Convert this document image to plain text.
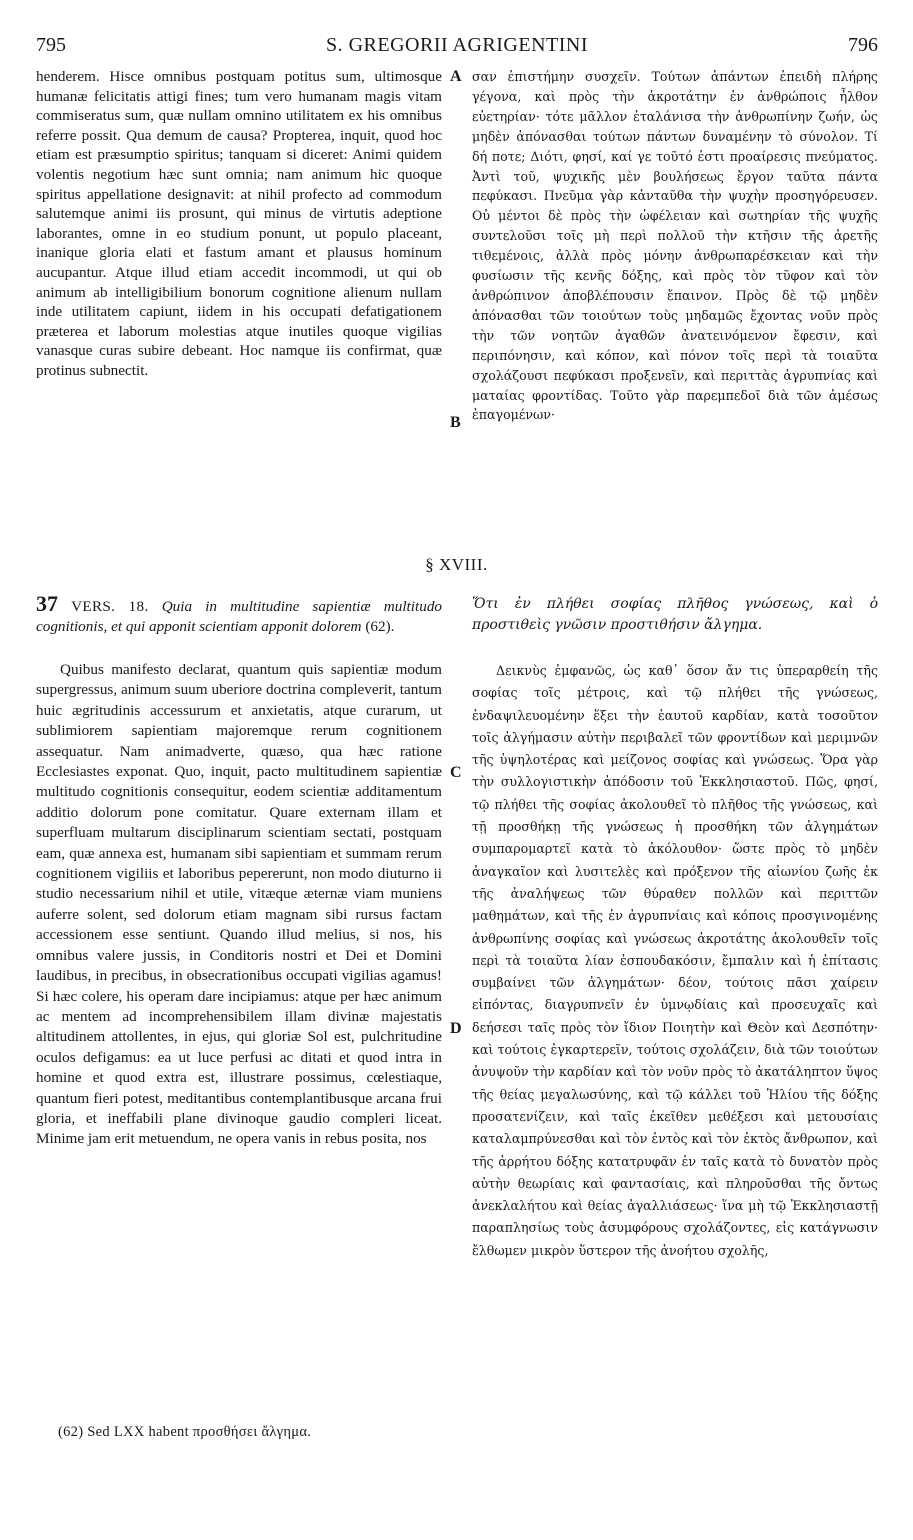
795	S. GREGORII AGRIGENTINI	796

henderem. Hisce omnibus postquam potitus sum, ultimosque humanæ felicitatis attigi fines; tum vero humanam magis vitam commiseratus sum, quæ nullam omnino utilitatem ex his omnibus referre possit. Qua demum de causa? Propterea, inquit, quod hoc etiam est præsumptio spiritus; tanquam si diceret: Animi quidem volentis negotium hæc sunt omnia; nam animum hic quoque spiritus appellatione designavit: at nihil profecto ad commodum salutemque animi iis prosunt, qui minus de virtutis adeptione laborantes, omne in eo studium ponunt, ut populo placeant, inanique gloria elati et fastum amant et plausus hominum aucupantur. Atque illud etiam accedit incommodi, ut qui ob animum ab intelligibilium bonorum cognitione alienum nullam inde utilitatem capiunt, iidem in his occupati defatigationem præterea et laborum molestias atque inutiles quoque vigilias vanasque curas subire debeant. Hoc namque iis confirmat, quæ protinus subnectit.

σαν ἐπιστήμην συσχεῖν. Τούτων ἁπάντων ἐπειδὴ πλήρης γέγονα, καὶ πρὸς τὴν ἀκροτάτην ἐν ἀνθρώποις ἦλθον εὐετηρίαν· τότε μᾶλλον ἐταλάνισα τὴν ἀνθρωπίνην ζωήν, ὡς μηδὲν ἀπόνασθαι τούτων πάντων δυναμένην τὸ σύνολον. Τί δή ποτε; Διότι, φησί, καί γε τοῦτό ἐστι προαίρεσις πνεύματος. Ἀντὶ τοῦ, ψυχικῆς μὲν βουλήσεως ἔργον ταῦτα πάντα πεφύκασι. Πνεῦμα γὰρ κἀνταῦθα τὴν ψυχὴν προσηγόρευσεν. Οὐ μέντοι δὲ πρὸς τὴν ὠφέλειαν καὶ σωτηρίαν τῆς ψυχῆς συντελοῦσι τοῖς μὴ περὶ πολλοῦ τὴν κτῆσιν τῆς ἀρετῆς τιθεμένοις, ἀλλὰ πρὸς μόνην ἀνθρωπαρέσκειαν καὶ τὴν φυσίωσιν τῆς κενῆς δόξης, καὶ πρὸς τὸν τῦφον καὶ τὸν ἀνθρώπινον ἀποβλέπουσιν ἔπαινον. Πρὸς δὲ τῷ μηδὲν ἀπόνασθαι τῶν τοιούτων τοὺς μηδαμῶς ἔχοντας νοῦν πρὸς τὴν τῶν νοητῶν ἀγαθῶν ἀνατεινόμενον ἔφεσιν, καὶ περιπόνησιν, καὶ κόπον, καὶ πόνον τοῖς περὶ τὰ τοιαῦτα σχολάζουσι πεφύκασι προξενεῖν, καὶ περιττὰς ἀγρυπνίας καὶ ματαίας φροντίδας. Τοῦτο γὰρ παρεμπεδοῖ διὰ τῶν ἀμέσως ἐπαγομένων·

A
B
C
D
§ XVIII.

37 VERS. 18. Quia in multitudine sapientiæ multitudo cognitionis, et qui apponit scientiam apponit dolorem (62).

Ὅτι ἐν πλήθει σοφίας πλῆθος γνώσεως, καὶ ὁ προστιθεὶς γνῶσιν προστιθήσιν ἄλγημα.

Quibus manifesto declarat, quantum quis sapientiæ modum supergressus, animum suum uberiore doctrina compleverit, tantum huic ægritudinis accessurum et anxietatis, atque curarum, ut sublimiorem sapientiam majoremque rerum cognitionem assequatur. Nam animadverte, quæso, qua hæc ratione Ecclesiastes exponat. Quo, inquit, pacto multitudinem sapientiæ multitudo cognitionis consequitur, eodem scientiæ additamentum additio dolorum pone comitatur. Quare externam illam et superfluam multarum disciplinarum scientiam sectati, postquam eam, quæ annexa est, humanam sibi sapientiam et summam rerum cognitionem vigiliis et laboribus pepererunt, non modo diuturno ii studio necessarium nihil et utile, vitæque æternæ viam muniens auferre solent, sed dolorum etiam magnam sibi rursus factam accessionem esse sentiunt. Quando illud melius, si nos, his omnibus valere jussis, in Conditoris nostri et Dei et Domini laudibus, in precibus, in obsecrationibus occupati vigilias agamus! Si hæc colere, his operam dare incipiamus: atque per hæc animum ac mentem ad incomprehensibilem illam divinæ majestatis altitudinem attollentes, in ejus, qui gloriæ Sol est, pulchritudine oculos defigamus: ea ut luce perfusi ac ditati et quod intra in homine et quod extra est, illustrare possimus, cœlestiaque, quantum fieri potest, meditantibus contemplantibusque arcana frui gloria, et ineffabili plane divinoque gaudio compleri liceat. Minime jam erit metuendum, ne opera vanis in rebus posita, nos

Δεικνὺς ἐμφανῶς, ὡς καθ᾽ ὅσον ἄν τις ὑπεραρθείη τῆς σοφίας τοῖς μέτροις, καὶ τῷ πλήθει τῆς γνώσεως, ἐνδαψιλευομένην ἕξει τὴν ἑαυτοῦ καρδίαν, κατὰ τοσοῦτον τοῖς ἀλγήμασιν αὐτὴν περιβαλεῖ τῶν φροντίδων καὶ μεριμνῶν τῆς ὑψηλοτέρας καὶ μείζονος σοφίας καὶ γνώσεως. Ὅρα γὰρ τὴν συλλογιστικὴν ἀπόδοσιν τοῦ Ἐκκλησιαστοῦ. Πῶς, φησί, τῷ πλήθει τῆς σοφίας ἀκολουθεῖ τὸ πλῆθος τῆς γνώσεως, καὶ τῇ προσθήκῃ τῆς γνώσεως ἡ προσθήκη τῶν ἀλγημάτων συμπαρομαρτεῖ κατὰ τὸ ἀκόλουθον· ὥστε πρὸς τὸ μηδὲν ἀναγκαῖον καὶ λυσιτελὲς καὶ πρόξενον τῆς αἰωνίου ζωῆς ἐκ τῆς ἀναλήψεως τῶν θύραθεν πολλῶν καὶ περιττῶν μαθημάτων, καὶ τῆς ἐν ἀγρυπνίαις καὶ κόποις προσγινομένης ἀνθρωπίνης σοφίας καὶ γνώσεως ἀκροτάτης ἀκολουθεῖν τοῖς περὶ τὰ τοιαῦτα λίαν ἐσπουδακόσιν, ἔμπαλιν καὶ ἡ ἐπίτασις συμβαίνει τῶν ἀλγημάτων· δέον, τούτοις πᾶσι χαίρειν εἰπόντας, διαγρυπνεῖν ἐν ὑμνῳδίαις καὶ προσευχαῖς καὶ δεήσεσι ταῖς πρὸς τὸν ἴδιον Ποιητὴν καὶ Θεὸν καὶ Δεσπότην· καὶ τούτοις ἐγκαρτερεῖν, τούτοις σχολάζειν, διὰ τῶν τοιούτων ἀνυψοῦν τὴν καρδίαν καὶ τὸν νοῦν πρὸς τὸ ἀκατάληπτον ὕψος τῆς θείας μεγαλωσύνης, καὶ τῷ κάλλει τοῦ Ἡλίου τῆς δόξης προσατενίζειν, καὶ ταῖς ἐκεῖθεν μεθέξεσι καὶ μετουσίαις καταλαμπρύνεσθαι καὶ τὸν ἐντὸς καὶ τὸν ἐκτὸς ἄνθρωπον, καὶ τῆς ἀρρήτου δόξης κατατρυφᾶν ἐν ταῖς κατὰ τὸ δυνατὸν πρὸς αὐτὴν θεωρίαις καὶ φαντασίαις, καὶ πληροῦσθαι τῆς ὄντως ἀνεκλαλήτου καὶ θείας ἀγαλλιάσεως· ἵνα μὴ τῷ Ἐκκλησιαστῇ παραπλησίως τοὺς ἀσυμφόρους σχολάζοντες, εἰς κατάγνωσιν ἔλθωμεν μικρὸν ὕστερον τῆς ἀνοήτου σχολῆς,

(62) Sed LXX habent προσθήσει ἄλγημα.
